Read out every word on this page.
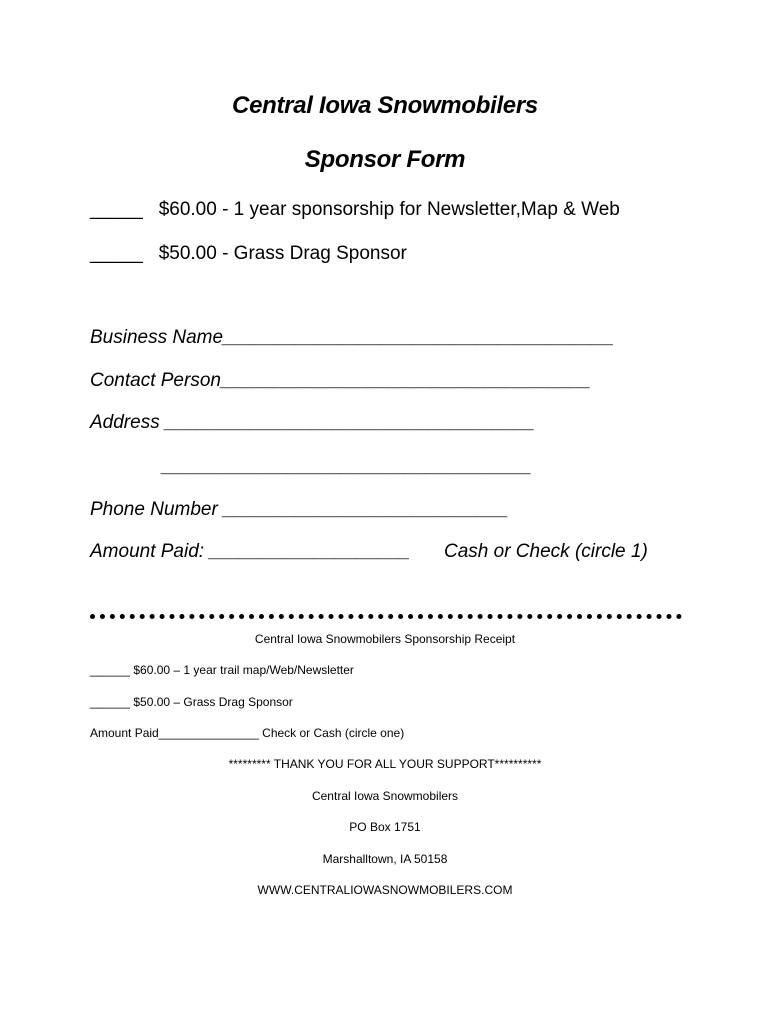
Central Iowa Snowmobilers
Sponsor Form
_____ $60.00 - 1 year sponsorship for Newsletter,Map & Web
_____ $50.00 - Grass Drag Sponsor
Business Name_____________________________________
Contact Person___________________________________
Address ___________________________________
___________________________________
Phone Number ___________________________
Amount Paid: ___________________ Cash or Check (circle 1)
Central Iowa Snowmobilers Sponsorship Receipt
______ $60.00 – 1 year trail map/Web/Newsletter
______ $50.00 – Grass Drag Sponsor
Amount Paid_______________ Check or Cash (circle one)
********* THANK YOU FOR ALL YOUR SUPPORT**********
Central Iowa Snowmobilers
PO Box 1751
Marshalltown, IA 50158
WWW.CENTRALIOWASNOWMOBILERS.COM
